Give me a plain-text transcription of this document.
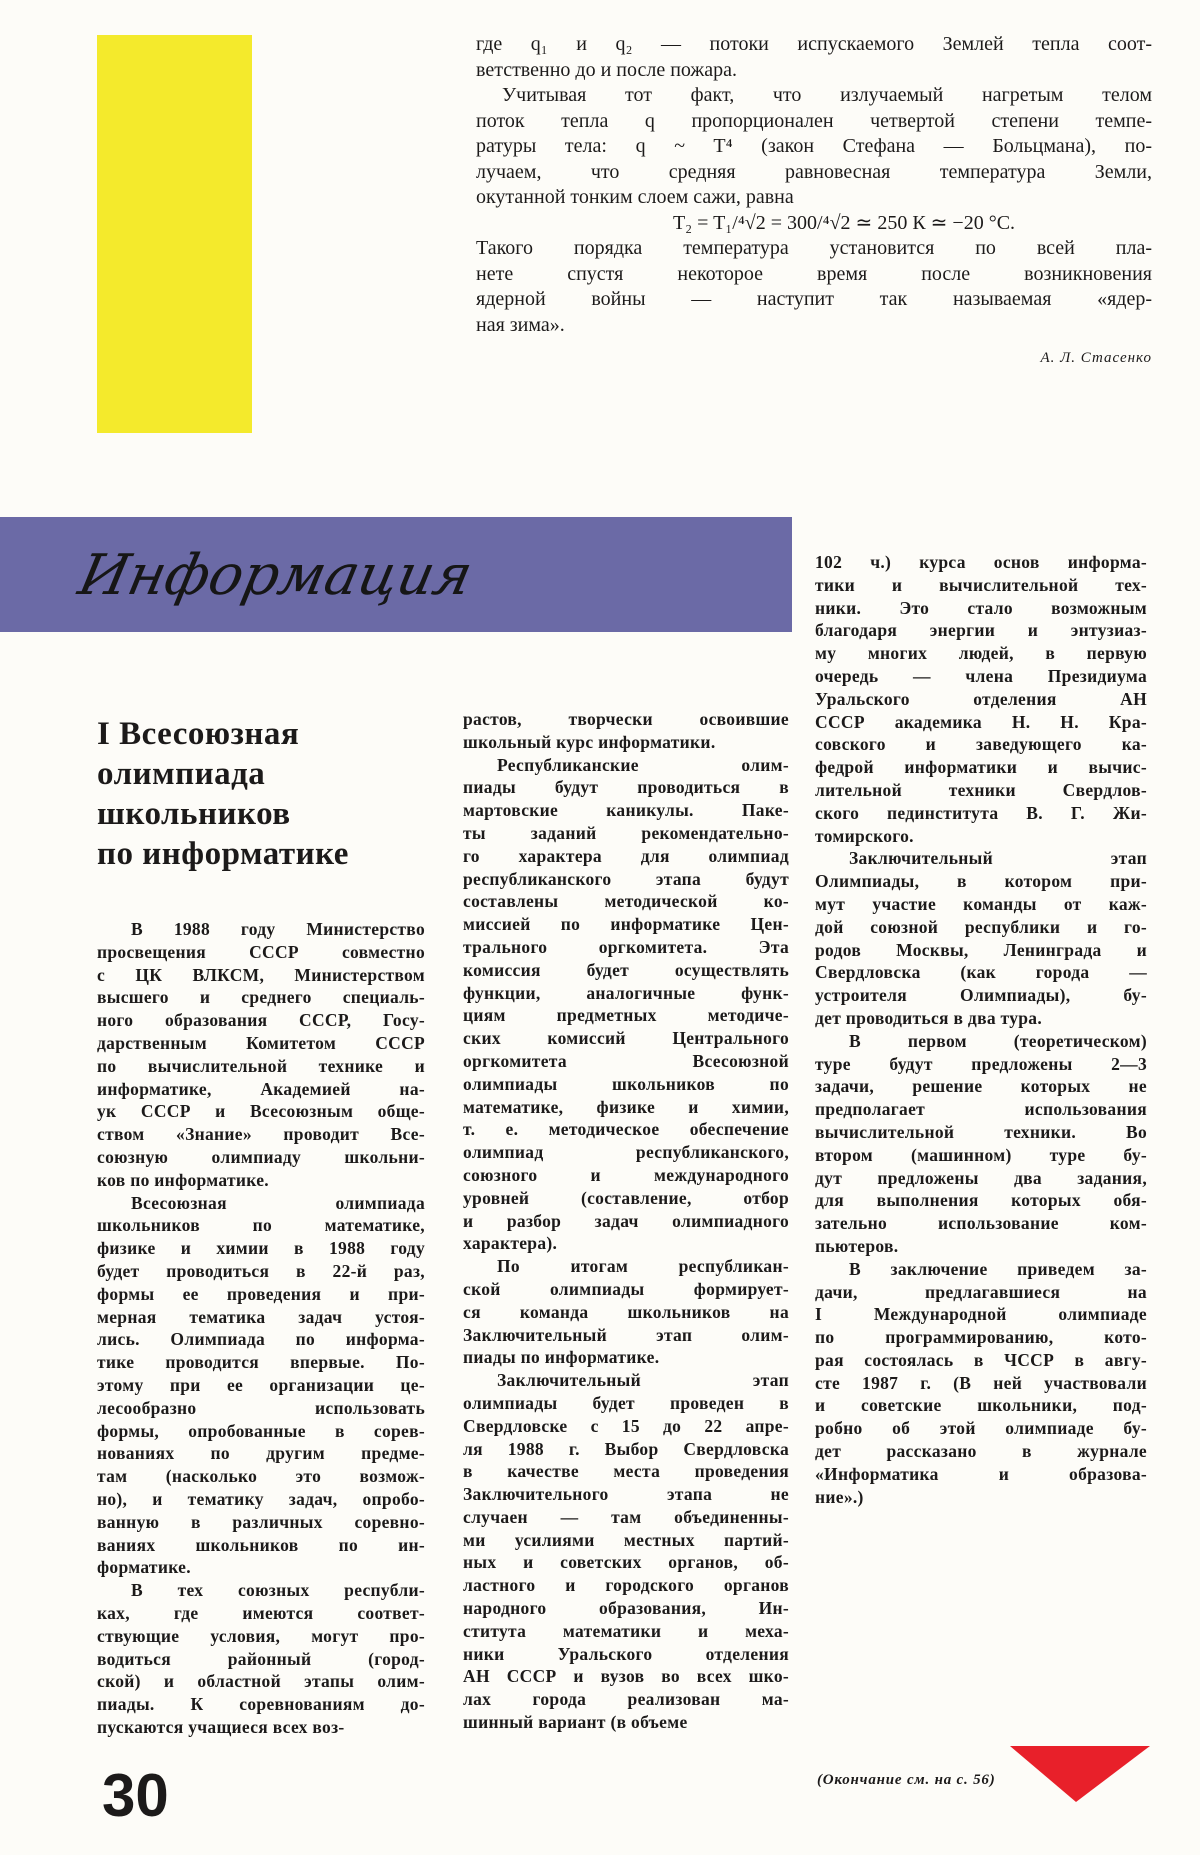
где q₁ и q₂ — потоки испускаемого Землей тепла соот-
ветственно до и после пожара.
Учитывая тот факт, что излучаемый нагретым телом
поток тепла q пропорционален четвертой степени темпе-
ратуры тела: q ~ T⁴ (закон Стефана — Больцмана), по-
лучаем, что средняя равновесная температура Земли,
окутанной тонким слоем сажи, равна
T₂ = T₁/⁴√2 = 300/⁴√2 ≃ 250 К ≃ −20 °C.
Такого порядка температура установится по всей пла-
нете спустя некоторое время после возникновения
ядерной войны — наступит так называемая «ядер-
ная зима».
А. Л. Стасенко
Информация
I Всесоюзная
олимпиада
школьников
по информатике
В 1988 году Министерство
просвещения СССР совместно
с ЦК ВЛКСМ, Министерством
высшего и среднего специаль-
ного образования СССР, Госу-
дарственным Комитетом СССР
по вычислительной технике и
информатике, Академией на-
ук СССР и Всесоюзным обще-
ством «Знание» проводит Все-
союзную олимпиаду школьни-
ков по информатике.
Всесоюзная олимпиада
школьников по математике,
физике и химии в 1988 году
будет проводиться в 22-й раз,
формы ее проведения и при-
мерная тематика задач устоя-
лись. Олимпиада по информа-
тике проводится впервые. По-
этому при ее организации це-
лесообразно использовать
формы, опробованные в сорев-
нованиях по другим предме-
там (насколько это возмож-
но), и тематику задач, опробо-
ванную в различных соревно-
ваниях школьников по ин-
форматике.
В тех союзных республи-
ках, где имеются соответ-
ствующие условия, могут про-
водиться районный (город-
ской) и областной этапы олим-
пиады. К соревнованиям до-
пускаются учащиеся всех воз-
растов, творчески освоившие
школьный курс информатики.
Республиканские олим-
пиады будут проводиться в
мартовские каникулы. Паке-
ты заданий рекомендательно-
го характера для олимпиад
республиканского этапа будут
составлены методической ко-
миссией по информатике Цен-
трального оргкомитета. Эта
комиссия будет осуществлять
функции, аналогичные функ-
циям предметных методиче-
ских комиссий Центрального
оргкомитета Всесоюзной
олимпиады школьников по
математике, физике и химии,
т. е. методическое обеспечение
олимпиад республиканского,
союзного и международного
уровней (составление, отбор
и разбор задач олимпиадного
характера).
По итогам республикан-
ской олимпиады формирует-
ся команда школьников на
Заключительный этап олим-
пиады по информатике.
Заключительный этап
олимпиады будет проведен в
Свердловске с 15 до 22 апре-
ля 1988 г. Выбор Свердловска
в качестве места проведения
Заключительного этапа не
случаен — там объединенны-
ми усилиями местных партий-
ных и советских органов, об-
ластного и городского органов
народного образования, Ин-
ститута математики и меха-
ники Уральского отделения
АН СССР и вузов во всех шко-
лах города реализован ма-
шинный вариант (в объеме
102 ч.) курса основ информа-
тики и вычислительной тех-
ники. Это стало возможным
благодаря энергии и энтузиаз-
му многих людей, в первую
очередь — члена Президиума
Уральского отделения АН
СССР академика Н. Н. Кра-
совского и заведующего ка-
федрой информатики и вычис-
лительной техники Свердлов-
ского пединститута В. Г. Жи-
томирского.
Заключительный этап
Олимпиады, в котором при-
мут участие команды от каж-
дой союзной республики и го-
родов Москвы, Ленинграда и
Свердловска (как города —
устроителя Олимпиады), бу-
дет проводиться в два тура.
В первом (теоретическом)
туре будут предложены 2—3
задачи, решение которых не
предполагает использования
вычислительной техники. Во
втором (машинном) туре бу-
дут предложены два задания,
для выполнения которых обя-
зательно использование ком-
пьютеров.
В заключение приведем за-
дачи, предлагавшиеся на
I Международной олимпиаде
по программированию, кото-
рая состоялась в ЧССР в авгу-
сте 1987 г. (В ней участвовали
и советские школьники, под-
робно об этой олимпиаде бу-
дет рассказано в журнале
«Информатика и образова-
ние».)
(Окончание см. на с. 56)
30
